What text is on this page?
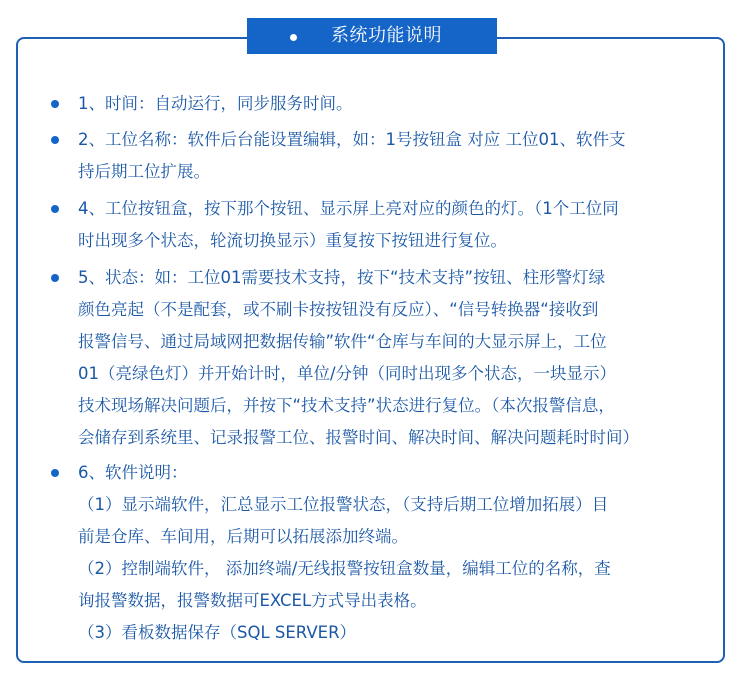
系统功能说明
1、时间：自动运行，同步服务时间。
2、工位名称：软件后台能设置编辑，如：1号按钮盒 对应 工位01、软件支
持后期工位扩展。
4、工位按钮盒，按下那个按钮、显示屏上亮对应的颜色的灯。（1个工位同
时出现多个状态，轮流切换显示）重复按下按钮进行复位。
5、状态：如：工位01需要技术支持，按下“技术支持”按钮、柱形警灯绿
颜色亮起（不是配套，或不刷卡按按钮没有反应）、“信号转换器“接收到
报警信号、通过局域网把数据传输”软件“仓库与车间的大显示屏上，工位
01（亮绿色灯）并开始计时，单位/分钟（同时出现多个状态，一块显示）
技术现场解决问题后，并按下“技术支持”状态进行复位。（本次报警信息，
会储存到系统里、记录报警工位、报警时间、解决时间、解决问题耗时时间）
6、软件说明：
（1）显示端软件，汇总显示工位报警状态，（支持后期工位增加拓展）目
前是仓库、车间用，后期可以拓展添加终端。
（2）控制端软件， 添加终端/无线报警按钮盒数量，编辑工位的名称，查
询报警数据，报警数据可EXCEL方式导出表格。
（3）看板数据保存（SQL SERVER）
